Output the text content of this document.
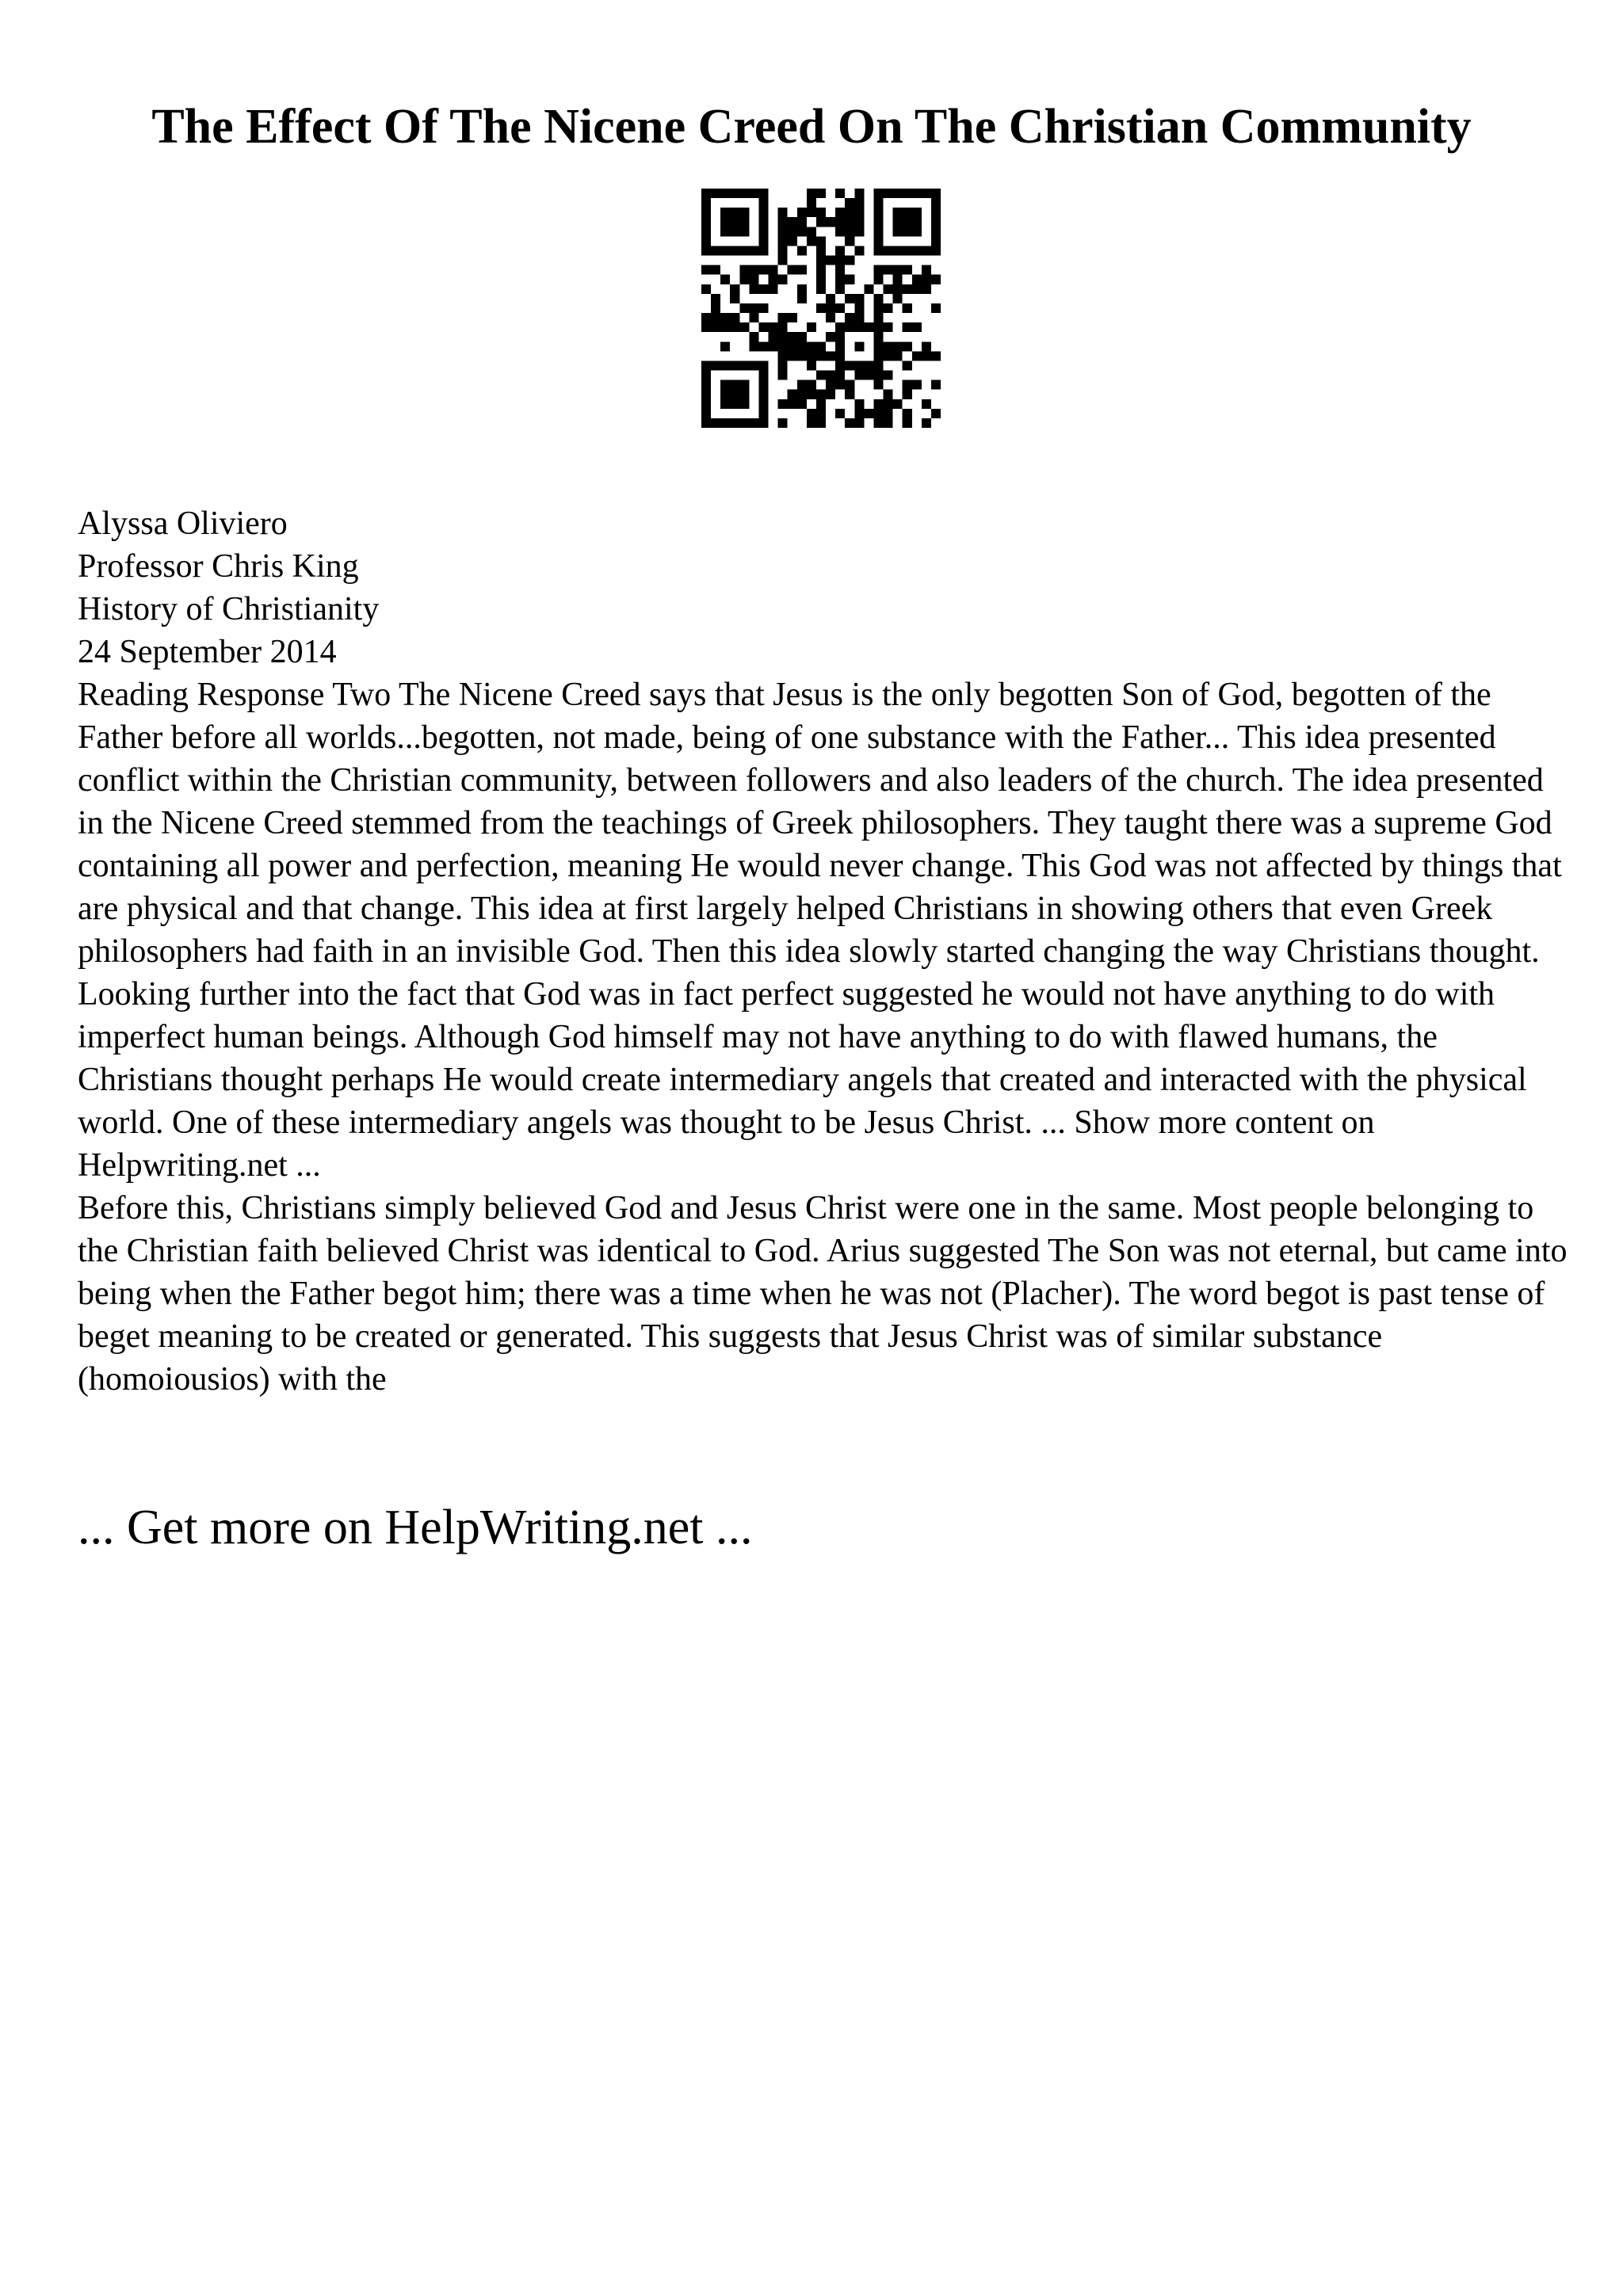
The Effect Of The Nicene Creed On The Christian Community
Alyssa Oliviero
Professor Chris King
History of Christianity
24 September 2014
Reading Response Two The Nicene Creed says that Jesus is the only begotten Son of God, begotten of the Father before all worlds...begotten, not made, being of one substance with the Father... This idea presented conflict within the Christian community, between followers and also leaders of the church. The idea presented in the Nicene Creed stemmed from the teachings of Greek philosophers. They taught there was a supreme God containing all power and perfection, meaning He would never change. This God was not affected by things that are physical and that change. This idea at first largely helped Christians in showing others that even Greek philosophers had faith in an invisible God. Then this idea slowly started changing the way Christians thought. Looking further into the fact that God was in fact perfect suggested he would not have anything to do with imperfect human beings. Although God himself may not have anything to do with flawed humans, the Christians thought perhaps He would create intermediary angels that created and interacted with the physical world. One of these intermediary angels was thought to be Jesus Christ. ... Show more content on Helpwriting.net ...
Before this, Christians simply believed God and Jesus Christ were one in the same. Most people belonging to the Christian faith believed Christ was identical to God. Arius suggested The Son was not eternal, but came into being when the Father begot him; there was a time when he was not (Placher). The word begot is past tense of beget meaning to be created or generated. This suggests that Jesus Christ was of similar substance (homoiousios) with the
... Get more on HelpWriting.net ...
